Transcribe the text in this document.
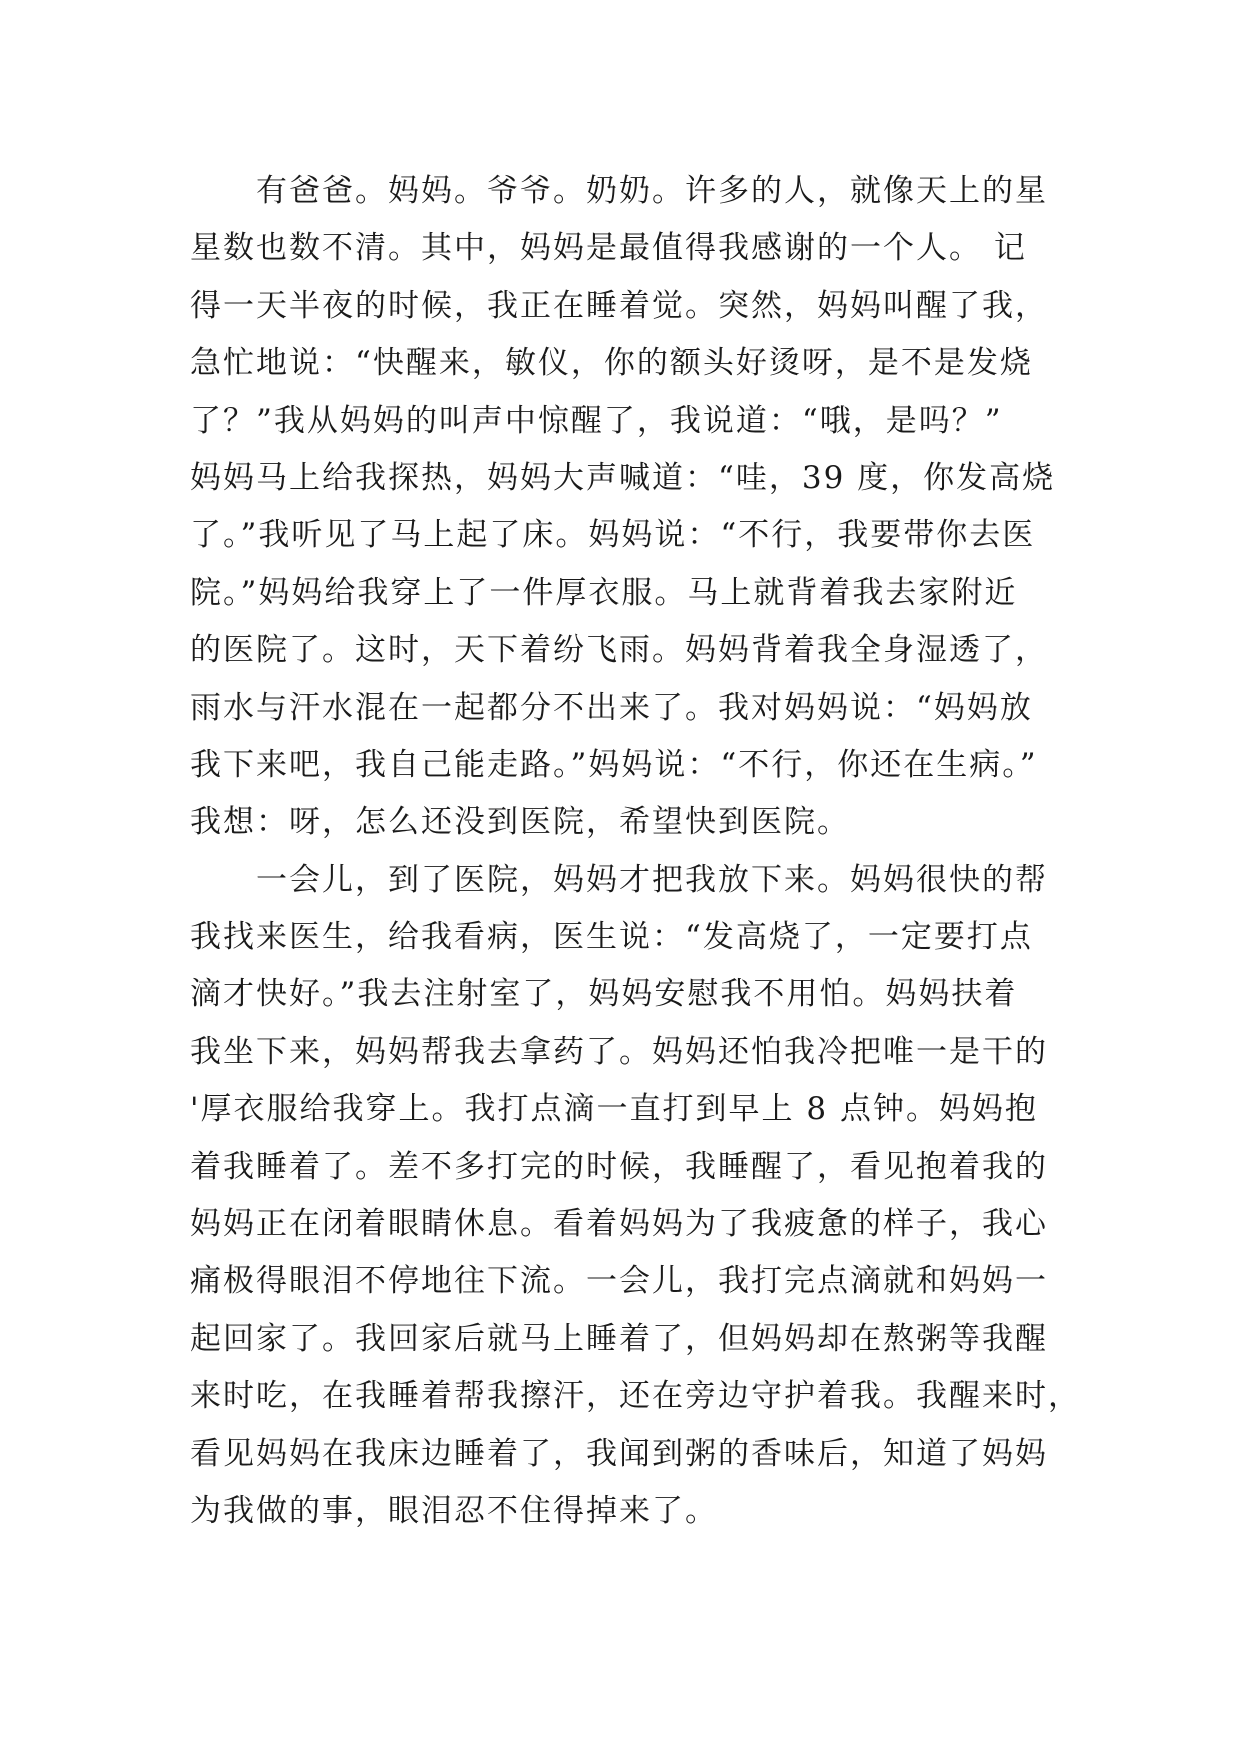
有爸爸。妈妈。爷爷。奶奶。许多的人，就像天上的星
星数也数不清。其中，妈妈是最值得我感谢的一个人。 记
得一天半夜的时候，我正在睡着觉。突然，妈妈叫醒了我，
急忙地说：“快醒来，敏仪，你的额头好烫呀，是不是发烧
了？”我从妈妈的叫声中惊醒了，我说道：“哦，是吗？”
妈妈马上给我探热，妈妈大声喊道：“哇，39 度，你发高烧
了。”我听见了马上起了床。妈妈说：“不行，我要带你去医
院。”妈妈给我穿上了一件厚衣服。马上就背着我去家附近
的医院了。这时，天下着纷飞雨。妈妈背着我全身湿透了，
雨水与汗水混在一起都分不出来了。我对妈妈说：“妈妈放
我下来吧，我自己能走路。”妈妈说：“不行，你还在生病。”
我想：呀，怎么还没到医院，希望快到医院。
一会儿，到了医院，妈妈才把我放下来。妈妈很快的帮
我找来医生，给我看病，医生说：“发高烧了，一定要打点
滴才快好。”我去注射室了，妈妈安慰我不用怕。妈妈扶着
我坐下来，妈妈帮我去拿药了。妈妈还怕我冷把唯一是干的
'厚衣服给我穿上。我打点滴一直打到早上 8 点钟。妈妈抱
着我睡着了。差不多打完的时候，我睡醒了，看见抱着我的
妈妈正在闭着眼睛休息。看着妈妈为了我疲惫的样子，我心
痛极得眼泪不停地往下流。一会儿，我打完点滴就和妈妈一
起回家了。我回家后就马上睡着了，但妈妈却在熬粥等我醒
来时吃，在我睡着帮我擦汗，还在旁边守护着我。我醒来时，
看见妈妈在我床边睡着了，我闻到粥的香味后，知道了妈妈
为我做的事，眼泪忍不住得掉来了。
